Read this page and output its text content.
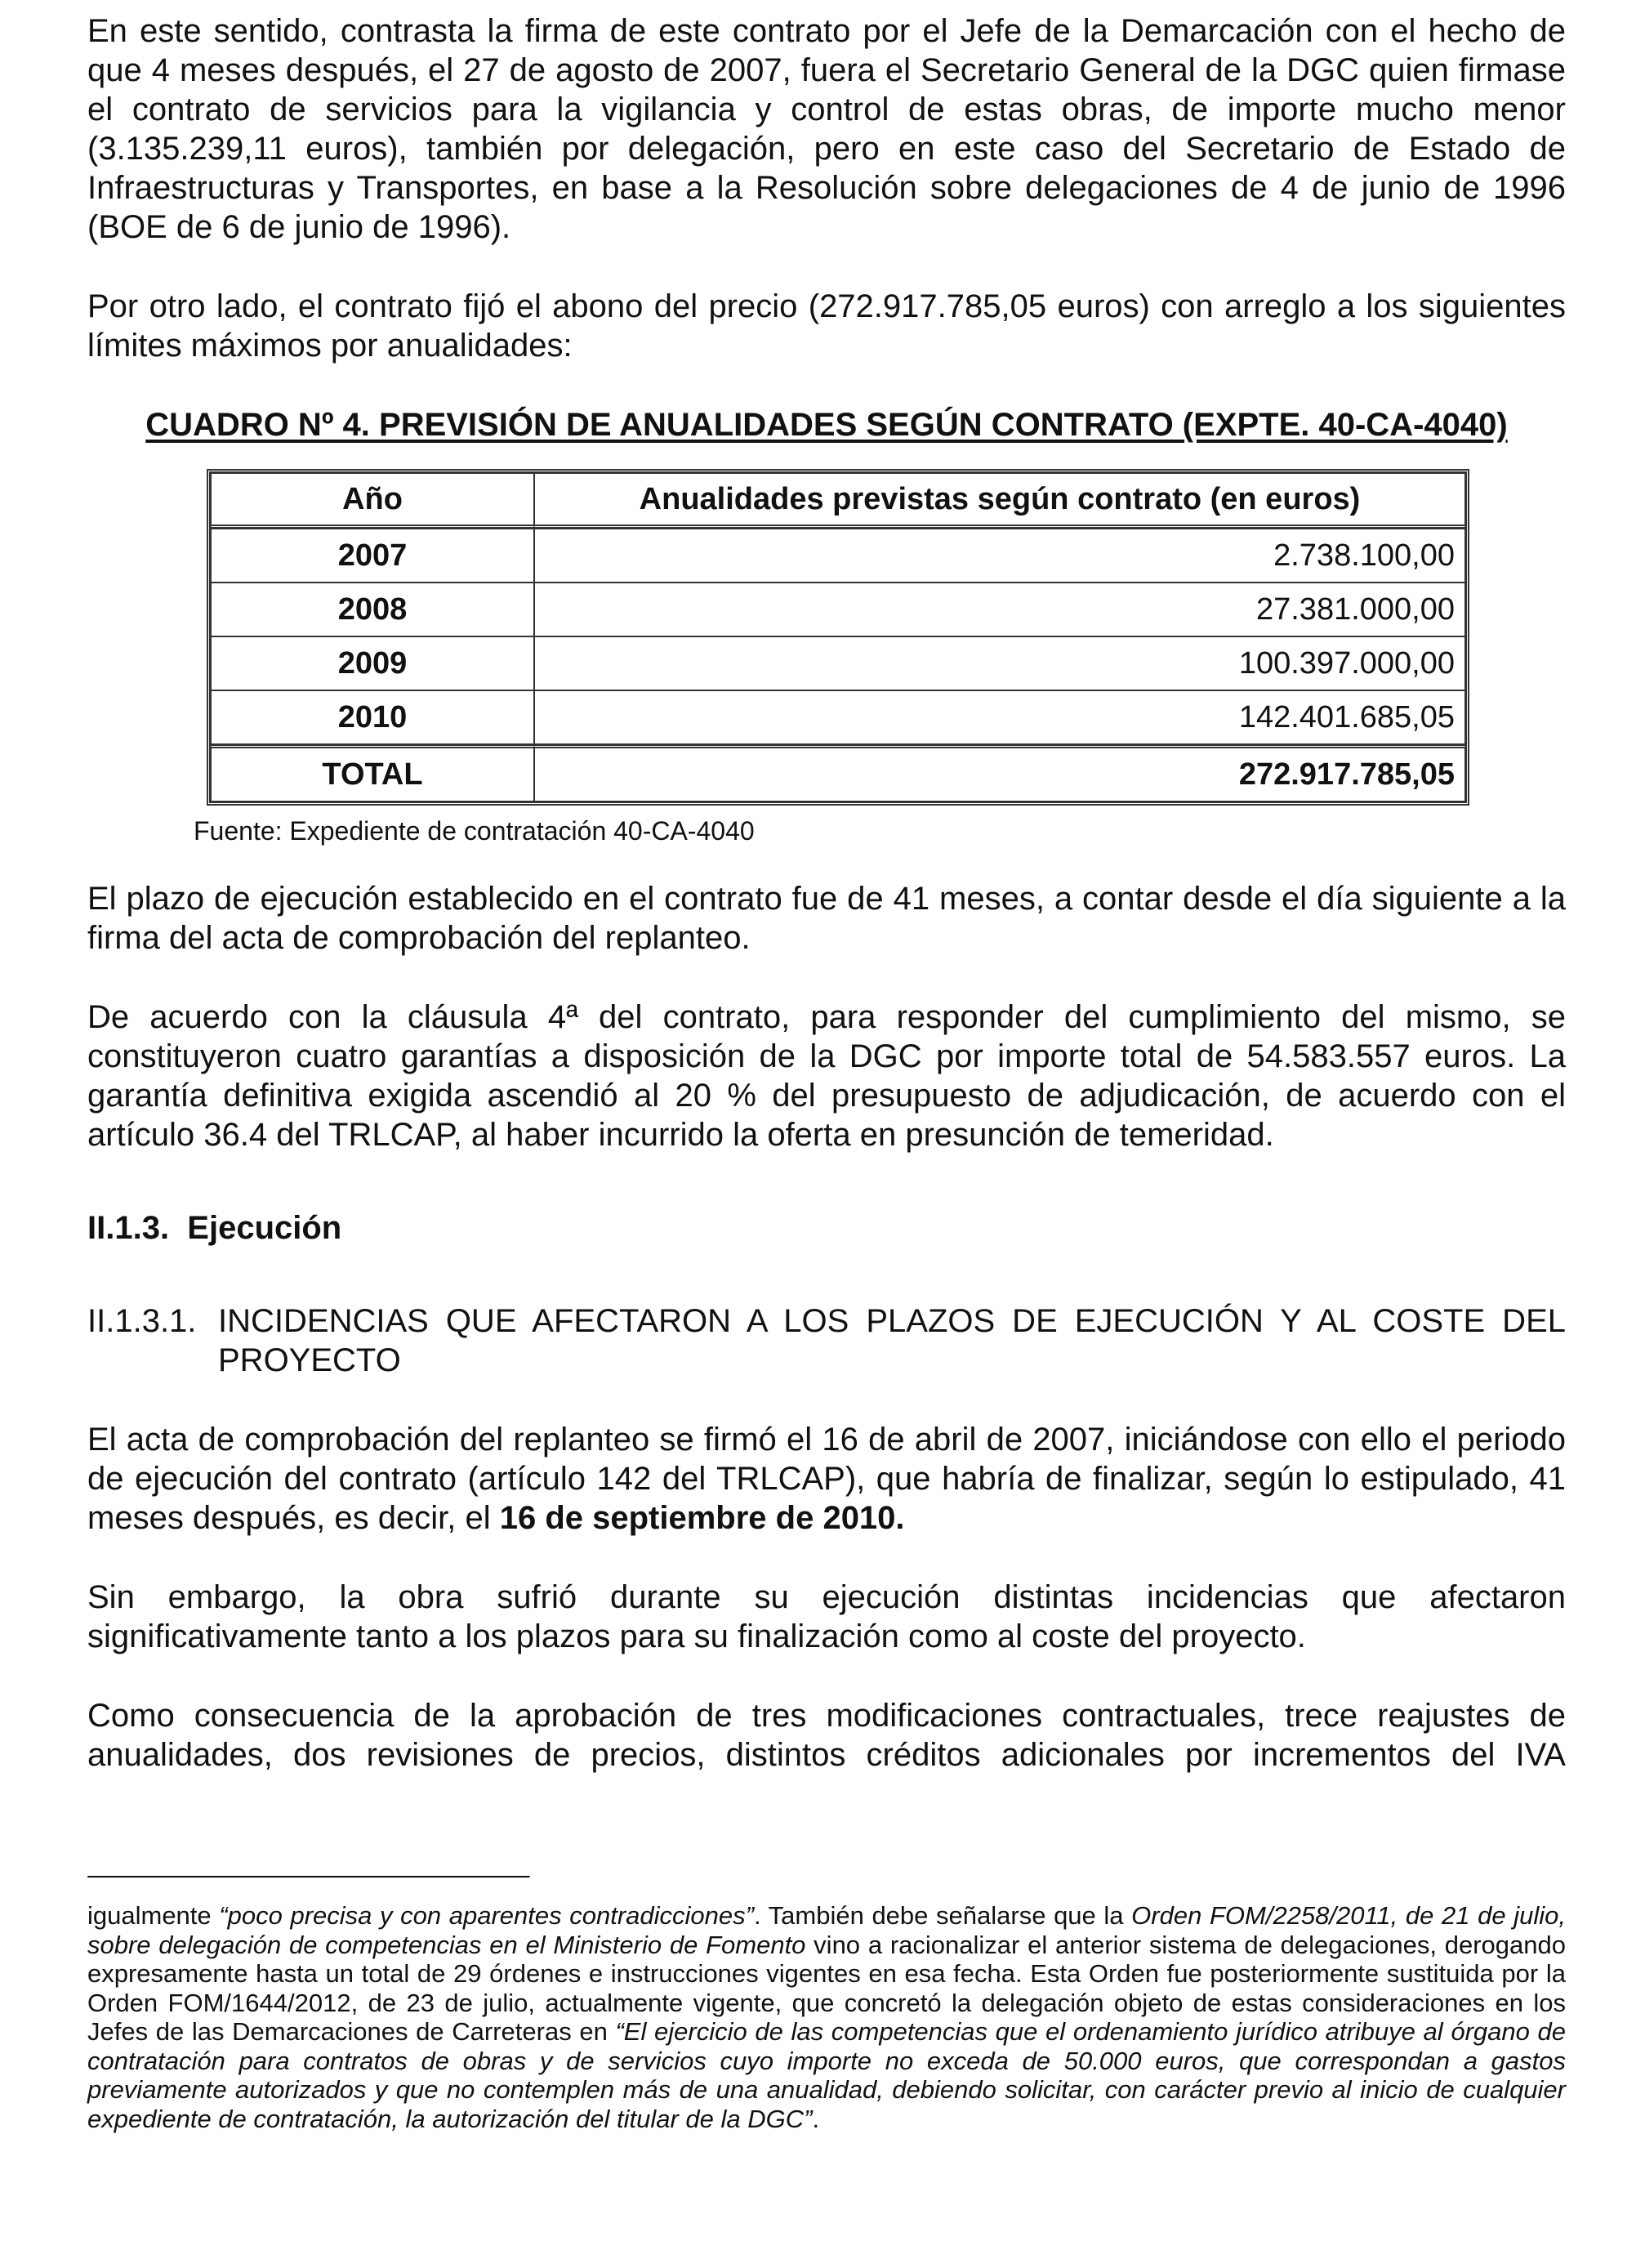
En este sentido, contrasta la firma de este contrato por el Jefe de la Demarcación con el hecho de que 4 meses después, el 27 de agosto de 2007, fuera el Secretario General de la DGC quien firmase el contrato de servicios para la vigilancia y control de estas obras, de importe mucho menor (3.135.239,11 euros), también por delegación, pero en este caso del Secretario de Estado de Infraestructuras y Transportes, en base a la Resolución sobre delegaciones de 4 de junio de 1996 (BOE de 6 de junio de 1996).

Por otro lado, el contrato fijó el abono del precio (272.917.785,05 euros) con arreglo a los siguientes límites máximos por anualidades:

CUADRO Nº 4. PREVISIÓN DE ANUALIDADES SEGÚN CONTRATO (EXPTE. 40-CA-4040)

Año	Anualidades previstas según contrato (en euros)
2007	2.738.100,00
2008	27.381.000,00
2009	100.397.000,00
2010	142.401.685,05
TOTAL	272.917.785,05

Fuente: Expediente de contratación 40-CA-4040

El plazo de ejecución establecido en el contrato fue de 41 meses, a contar desde el día siguiente a la firma del acta de comprobación del replanteo.

De acuerdo con la cláusula 4ª del contrato, para responder del cumplimiento del mismo, se constituyeron cuatro garantías a disposición de la DGC por importe total de 54.583.557 euros. La garantía definitiva exigida ascendió al 20 % del presupuesto de adjudicación, de acuerdo con el artículo 36.4 del TRLCAP, al haber incurrido la oferta en presunción de temeridad.

II.1.3.  Ejecución
II.1.3.1. INCIDENCIAS QUE AFECTARON A LOS PLAZOS DE EJECUCIÓN Y AL COSTE DEL
PROYECTO

El acta de comprobación del replanteo se firmó el 16 de abril de 2007, iniciándose con ello el periodo de ejecución del contrato (artículo 142 del TRLCAP), que habría de finalizar, según lo estipulado, 41 meses después, es decir, el 16 de septiembre de 2010.

Sin embargo, la obra sufrió durante su ejecución distintas incidencias que afectaron significativamente tanto a los plazos para su finalización como al coste del proyecto.

Como consecuencia de la aprobación de tres modificaciones contractuales, trece reajustes de anualidades, dos revisiones de precios, distintos créditos adicionales por incrementos del IVA

igualmente “poco precisa y con aparentes contradicciones”. También debe señalarse que la Orden FOM/2258/2011, de 21 de julio, sobre delegación de competencias en el Ministerio de Fomento vino a racionalizar el anterior sistema de delegaciones, derogando expresamente hasta un total de 29 órdenes e instrucciones vigentes en esa fecha. Esta Orden fue posteriormente sustituida por la Orden FOM/1644/2012, de 23 de julio, actualmente vigente, que concretó la delegación objeto de estas consideraciones en los Jefes de las Demarcaciones de Carreteras en “El ejercicio de las competencias que el ordenamiento jurídico atribuye al órgano de contratación para contratos de obras y de servicios cuyo importe no exceda de 50.000 euros, que correspondan a gastos previamente autorizados y que no contemplen más de una anualidad, debiendo solicitar, con carácter previo al inicio de cualquier expediente de contratación, la autorización del titular de la DGC”.
